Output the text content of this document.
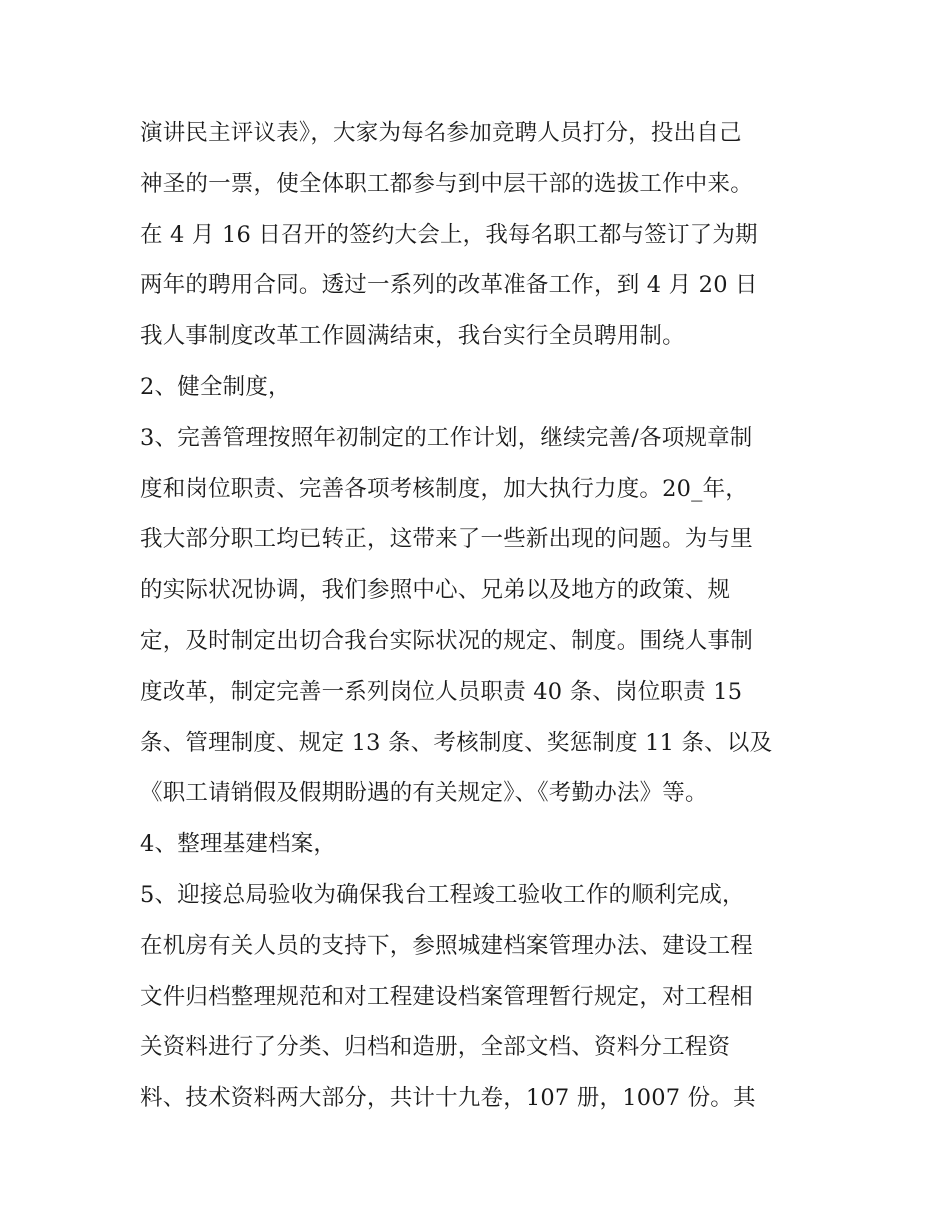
演讲民主评议表》，大家为每名参加竞聘人员打分，投出自己
神圣的一票，使全体职工都参与到中层干部的选拔工作中来。
在 4 月 16 日召开的签约大会上，我每名职工都与签订了为期
两年的聘用合同。透过一系列的改革准备工作，到 4 月 20 日
我人事制度改革工作圆满结束，我台实行全员聘用制。
2、健全制度，
3、完善管理按照年初制定的工作计划，继续完善/各项规章制
度和岗位职责、完善各项考核制度，加大执行力度。20_年，
我大部分职工均已转正，这带来了一些新出现的问题。为与里
的实际状况协调，我们参照中心、兄弟以及地方的政策、规
定，及时制定出切合我台实际状况的规定、制度。围绕人事制
度改革，制定完善一系列岗位人员职责 40 条、岗位职责 15
条、管理制度、规定 13 条、考核制度、奖惩制度 11 条、以及
《职工请销假及假期盼遇的有关规定》、《考勤办法》等。
4、整理基建档案，
5、迎接总局验收为确保我台工程竣工验收工作的顺利完成，
在机房有关人员的支持下，参照城建档案管理办法、建设工程
文件归档整理规范和对工程建设档案管理暂行规定，对工程相
关资料进行了分类、归档和造册，全部文档、资料分工程资
料、技术资料两大部分，共计十九卷，107 册，1007 份。其
